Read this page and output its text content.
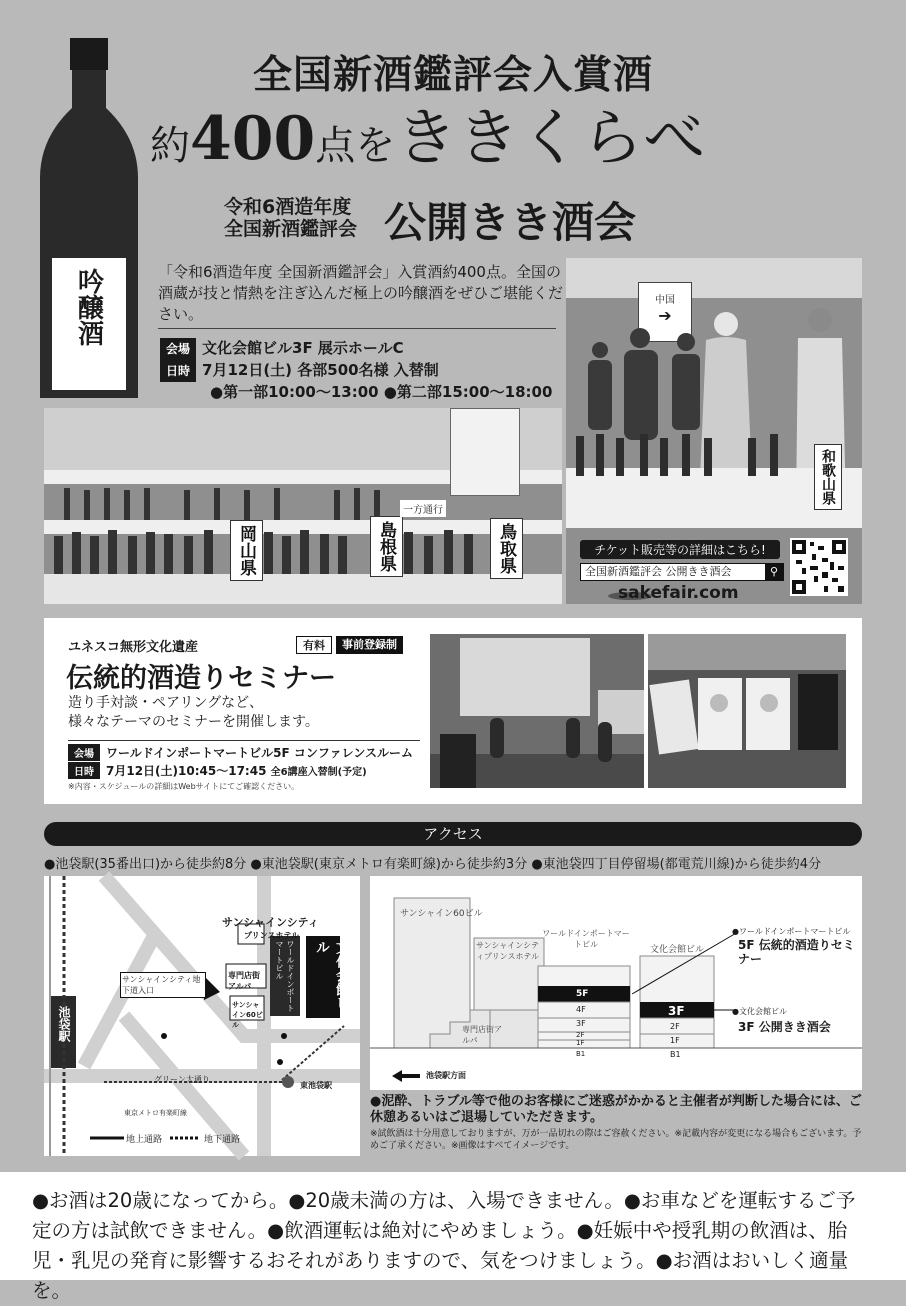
吟醸酒
全国新酒鑑評会入賞酒
約400点をききくらべ
令和6酒造年度
全国新酒鑑評会 公開きき酒会
「令和6酒造年度 全国新酒鑑評会」入賞酒約400点。全国の酒蔵が技と情熱を注ぎ込んだ極上の吟醸酒をぜひご堪能ください。
会場 文化会館ビル3F 展示ホールC
日時 7月12日(土) 各部500名様 入替制
●第一部10:00～13:00 ●第二部15:00～18:00
岡山県	島根県	鳥取県
一方通行
中国
➔
和歌山県
チケット販売等の詳細はこちら!
全国新酒鑑評会 公開きき酒会	⚲
sakefair.com
ユネスコ無形文化遺産	有料	事前登録制
伝統的酒造りセミナー
造り手対談・ペアリングなど、
様々なテーマのセミナーを開催します。
会場 ワールドインポートマートビル5F コンファレンスルーム
日時 7月12日(土)10:45～17:45 全6講座入替制(予定)
※内容・スケジュールの詳細はWebサイトにてご確認ください。
アクセス
●池袋駅(35番出口)から徒歩約8分 ●東池袋駅(東京メトロ有楽町線)から徒歩約3分 ●東池袋四丁目停留場(都電荒川線)から徒歩約4分
サンシャインシティ
プリンスホテル
専門店街アルパ
サンシャイン60ビル
ワールドインポートマートビル	文化会館ビル
池袋駅
サンシャインシティ地下道入口
グリーン大通り
東池袋駅
東京メトロ有楽町線
地上通路	地下通路
サンシャイン60ビル
サンシャインシティプリンスホテル
ワールドインポートマートビル
文化会館ビル
専門店街アルパ
5F
4F
3F
2F
1F
B1
3F
2F
1F
B1
●ワールドインポートマートビル
5F 伝統的酒造りセミナー
●文化会館ビル
3F 公開きき酒会
池袋駅方面
●泥酔、トラブル等で他のお客様にご迷惑がかかると主催者が判断した場合には、ご休憩あるいはご退場していただきます。
※試飲酒は十分用意しておりますが、万が一品切れの際はご容赦ください。※記載内容が変更になる場合もございます。予めご了承ください。※画像はすべてイメージです。
●お酒は20歳になってから。●20歳未満の方は、入場できません。●お車などを運転するご予定の方は試飲できません。●飲酒運転は絶対にやめましょう。●妊娠中や授乳期の飲酒は、胎児・乳児の発育に影響するおそれがありますので、気をつけましょう。●お酒はおいしく適量を。
